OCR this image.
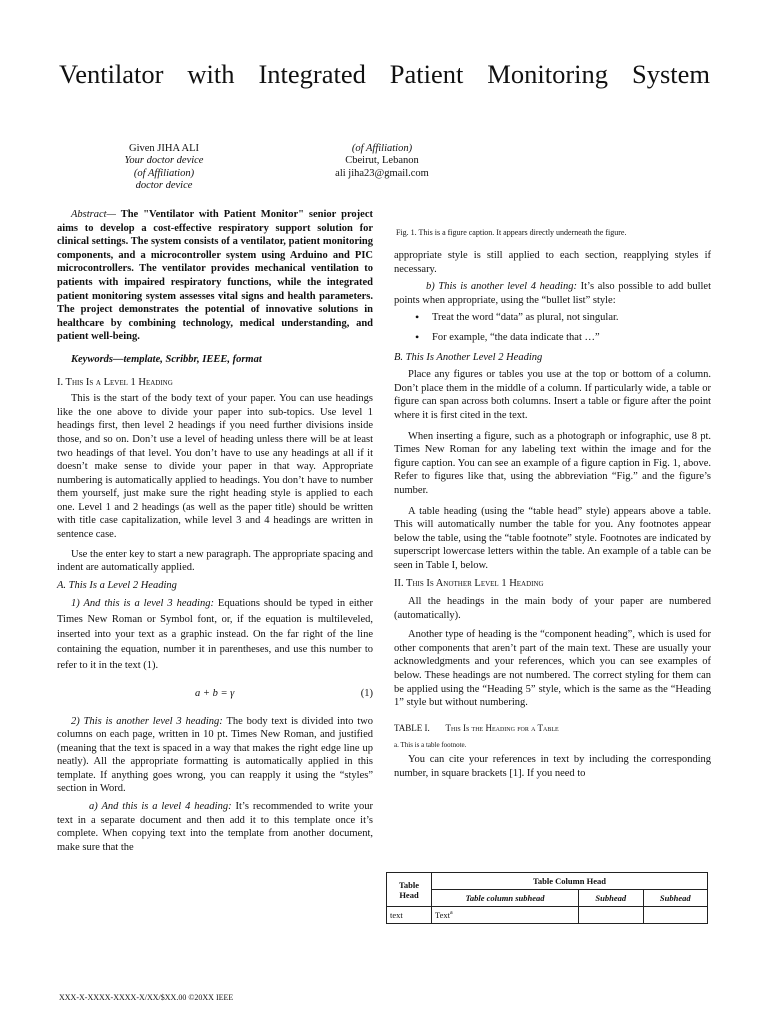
Ventilator with Integrated Patient Monitoring System
Given JIHA ALI
Your doctor device
(of Affiliation)
doctor device
(of Affiliation)
Cbeirut, Lebanon
ali jiha23@gmail.com

Abstract— The "Ventilator with Patient Monitor" senior project aims to develop a cost-effective respiratory support solution for clinical settings. The system consists of a ventilator, patient monitoring components, and a microcontroller system using Arduino and PIC microcontrollers. The ventilator provides mechanical ventilation to patients with impaired respiratory functions, while the integrated patient monitoring system assesses vital signs and health parameters. The project demonstrates the potential of innovative solutions in healthcare by combining technology, medical understanding, and patient well-being.

Keywords—template, Scribbr, IEEE, format

I. This Is a Level 1 Heading

This is the start of the body text of your paper. You can use headings like the one above to divide your paper into sub-topics. Use level 1 headings first, then level 2 headings if you need further divisions inside those, and so on. Don’t use a level of heading unless there will be at least two headings of that level. You don’t have to use any headings at all if it doesn’t make sense to divide your paper in that way. Appropriate numbering is automatically applied to headings. You don’t have to number them yourself, just make sure the right heading style is applied to each one. Level 1 and 2 headings (as well as the paper title) should be written with title case capitalization, while level 3 and 4 headings are written in sentence case.

Use the enter key to start a new paragraph. The appropriate spacing and indent are automatically applied.

A. This Is a Level 2 Heading

1) And this is a level 3 heading: Equations should be typed in either Times New Roman or Symbol font, or, if the equation is multileveled, inserted into your text as a graphic instead. On the far right of the line containing the equation, number it in parentheses, and use this number to refer to it in the text (1).

a + b = γ	(1)

2) This is another level 3 heading: The body text is divided into two columns on each page, written in 10 pt. Times New Roman, and justified (meaning that the text is spaced in a way that makes the right edge line up neatly). All the appropriate formatting is automatically applied in this template. If anything goes wrong, you can reapply it using the “styles” section in Word.

a) And this is a level 4 heading: It’s recommended to write your text in a separate document and then add it to this template once it’s complete. When copying text into the template from another document, make sure that the

Fig. 1. This is a figure caption. It appears directly underneath the figure.

appropriate style is still applied to each section, reapplying styles if necessary.

b) This is another level 4 heading: It’s also possible to add bullet points when appropriate, using the “bullet list” style:

• Treat the word “data” as plural, not singular.
• For example, “the data indicate that …”

B. This Is Another Level 2 Heading

Place any figures or tables you use at the top or bottom of a column. Don’t place them in the middle of a column. If particularly wide, a table or figure can span across both columns. Insert a table or figure after the point where it is first cited in the text.

When inserting a figure, such as a photograph or infographic, use 8 pt. Times New Roman for any labeling text within the image and for the figure caption. You can see an example of a figure caption in Fig. 1, above. Refer to figures like that, using the abbreviation “Fig.” and the figure’s number.

A table heading (using the “table head” style) appears above a table. This will automatically number the table for you. Any footnotes appear below the table, using the “table footnote” style. Footnotes are indicated by superscript lowercase letters within the table. An example of a table can be seen in Table I, below.

II. This Is Another Level 1 Heading

All the headings in the main body of your paper are numbered (automatically).

Another type of heading is the “component heading”, which is used for other components that aren’t part of the main text. These are usually your acknowledgments and your references, which you can see examples of below. These headings are not numbered. The correct styling for them can be applied using the “Heading 5” style, which is the same as the “Heading 1” style but without numbering.

TABLE I. This Is the Heading for a Table

a. This is a table footnote.

You can cite your references in text by including the corresponding number, in square brackets [1]. If you need to

Table Head	Table Column Head		
	Table column subhead	Subhead	Subhead
text	Text$^a$		
XXX-X-XXXX-XXXX-X/XX/$XX.00 ©20XX IEEE
